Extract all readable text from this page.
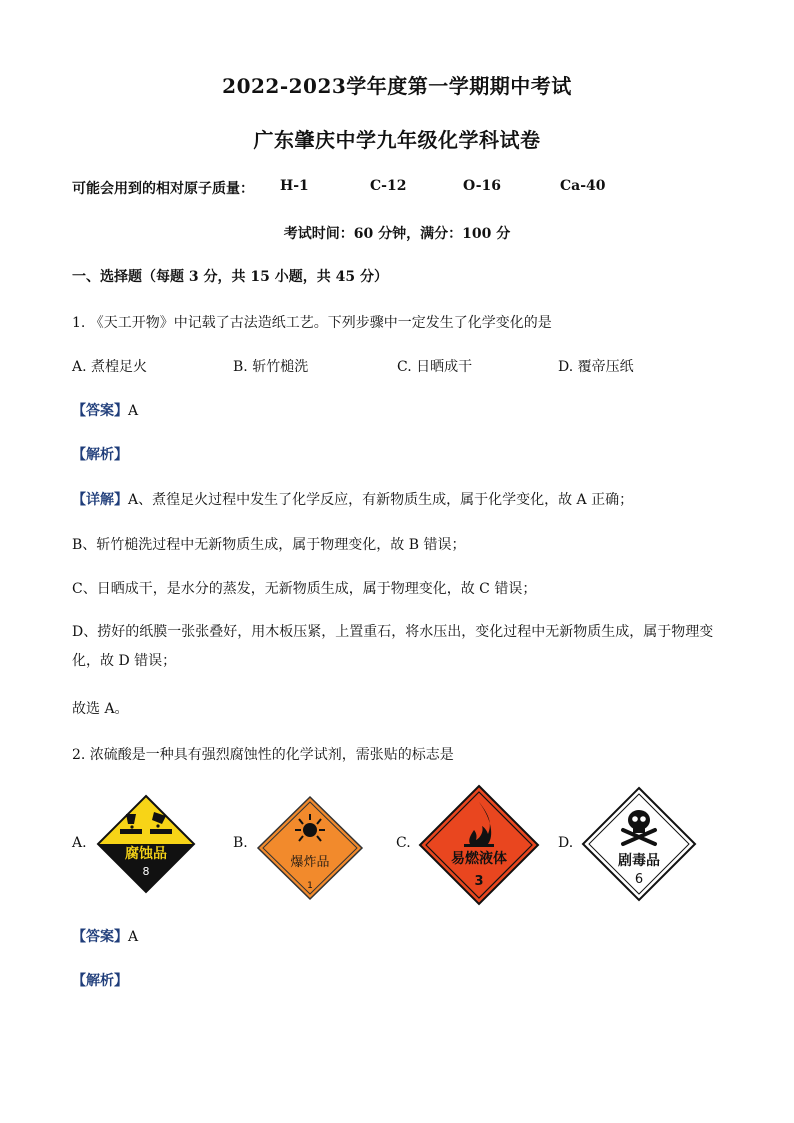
2022-2023学年度第一学期期中考试
广东肇庆中学九年级化学科试卷
可能会用到的相对原子质量： H-1	C-12	O-16	Ca-40
考试时间：60 分钟，满分：100 分
一、选择题（每题 3 分，共 15 小题，共 45 分）
1. 《天工开物》中记载了古法造纸工艺。下列步骤中一定发生了化学变化的是
A. 煮楻足火	B. 斩竹槌洗	C. 日晒成干	D. 覆帝压纸
【答案】A
【解析】
【详解】A、煮徨足火过程中发生了化学反应，有新物质生成，属于化学变化，故 A 正确；
B、斩竹槌洗过程中无新物质生成，属于物理变化，故 B 错误；
C、日晒成干，是水分的蒸发，无新物质生成，属于物理变化，故 C 错误；
D、捞好的纸膜一张张叠好，用木板压紧，上置重石，将水压出，变化过程中无新物质生成，属于物理变化，故 D 错误；
故选 A。
2. 浓硫酸是一种具有强烈腐蚀性的化学试剂，需张贴的标志是
A.	B.	C.	D.
腐蚀品
8
爆炸品
1
易燃液体
3
剧毒品
6
【答案】A
【解析】
